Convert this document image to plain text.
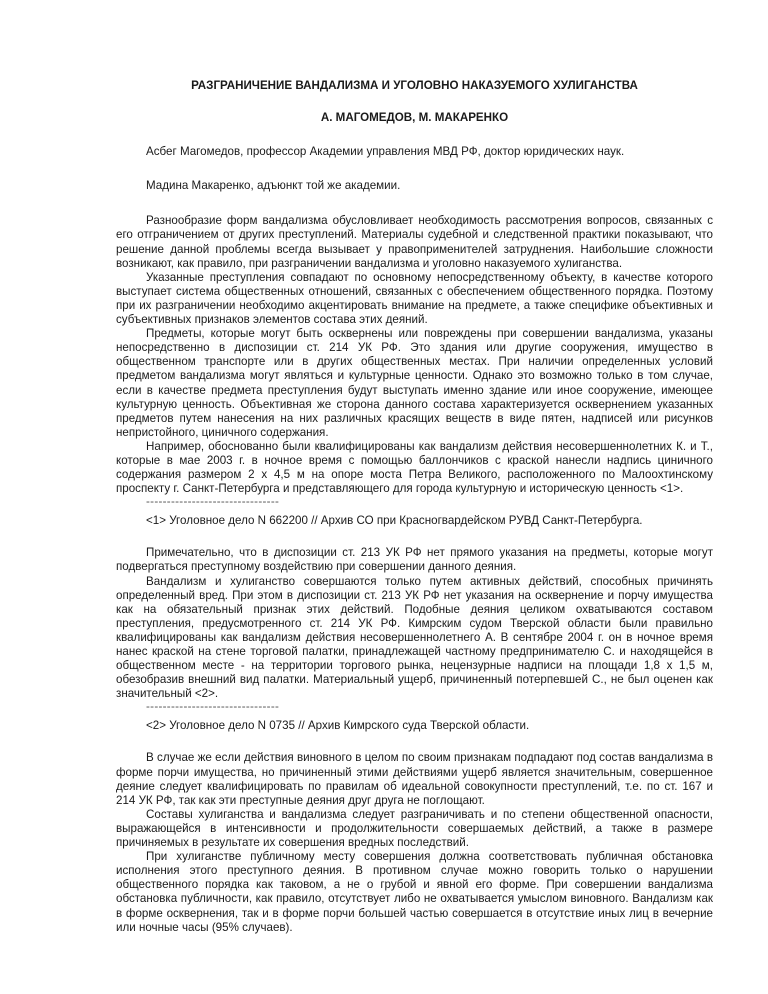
РАЗГРАНИЧЕНИЕ ВАНДАЛИЗМА И УГОЛОВНО НАКАЗУЕМОГО ХУЛИГАНСТВА

А. МАГОМЕДОВ, М. МАКАРЕНКО

Асбег Магомедов, профессор Академии управления МВД РФ, доктор юридических наук.

Мадина Макаренко, адъюнкт той же академии.

Разнообразие форм вандализма обусловливает необходимость рассмотрения вопросов, связанных с его отграничением от других преступлений. Материалы судебной и следственной практики показывают, что решение данной проблемы всегда вызывает у правоприменителей затруднения. Наибольшие сложности возникают, как правило, при разграничении вандализма и уголовно наказуемого хулиганства.

Указанные преступления совпадают по основному непосредственному объекту, в качестве которого выступает система общественных отношений, связанных с обеспечением общественного порядка. Поэтому при их разграничении необходимо акцентировать внимание на предмете, а также специфике объективных и субъективных признаков элементов состава этих деяний.

Предметы, которые могут быть осквернены или повреждены при совершении вандализма, указаны непосредственно в диспозиции ст. 214 УК РФ. Это здания или другие сооружения, имущество в общественном транспорте или в других общественных местах. При наличии определенных условий предметом вандализма могут являться и культурные ценности. Однако это возможно только в том случае, если в качестве предмета преступления будут выступать именно здание или иное сооружение, имеющее культурную ценность. Объективная же сторона данного состава характеризуется осквернением указанных предметов путем нанесения на них различных красящих веществ в виде пятен, надписей или рисунков непристойного, циничного содержания.

Например, обоснованно были квалифицированы как вандализм действия несовершеннолетних К. и Т., которые в мае 2003 г. в ночное время с помощью баллончиков с краской нанесли надпись циничного содержания размером 2 х 4,5 м на опоре моста Петра Великого, расположенного по Малоохтинскому проспекту г. Санкт-Петербурга и представляющего для города культурную и историческую ценность <1>.

--------------------------------

<1> Уголовное дело N 662200 // Архив СО при Красногвардейском РУВД Санкт-Петербурга.

Примечательно, что в диспозиции ст. 213 УК РФ нет прямого указания на предметы, которые могут подвергаться преступному воздействию при совершении данного деяния.

Вандализм и хулиганство совершаются только путем активных действий, способных причинять определенный вред. При этом в диспозиции ст. 213 УК РФ нет указания на осквернение и порчу имущества как на обязательный признак этих действий. Подобные деяния целиком охватываются составом преступления, предусмотренного ст. 214 УК РФ. Кимрским судом Тверской области были правильно квалифицированы как вандализм действия несовершеннолетнего А. В сентябре 2004 г. он в ночное время нанес краской на стене торговой палатки, принадлежащей частному предпринимателю С. и находящейся в общественном месте - на территории торгового рынка, нецензурные надписи на площади 1,8 х 1,5 м, обезобразив внешний вид палатки. Материальный ущерб, причиненный потерпевшей С., не был оценен как значительный <2>.

--------------------------------

<2> Уголовное дело N 0735 // Архив Кимрского суда Тверской области.

В случае же если действия виновного в целом по своим признакам подпадают под состав вандализма в форме порчи имущества, но причиненный этими действиями ущерб является значительным, совершенное деяние следует квалифицировать по правилам об идеальной совокупности преступлений, т.е. по ст. 167 и 214 УК РФ, так как эти преступные деяния друг друга не поглощают.

Составы хулиганства и вандализма следует разграничивать и по степени общественной опасности, выражающейся в интенсивности и продолжительности совершаемых действий, а также в размере причиняемых в результате их совершения вредных последствий.

При хулиганстве публичному месту совершения должна соответствовать публичная обстановка исполнения этого преступного деяния. В противном случае можно говорить только о нарушении общественного порядка как таковом, а не о грубой и явной его форме. При совершении вандализма обстановка публичности, как правило, отсутствует либо не охватывается умыслом виновного. Вандализм как в форме осквернения, так и в форме порчи большей частью совершается в отсутствие иных лиц в вечерние или ночные часы (95% случаев).
